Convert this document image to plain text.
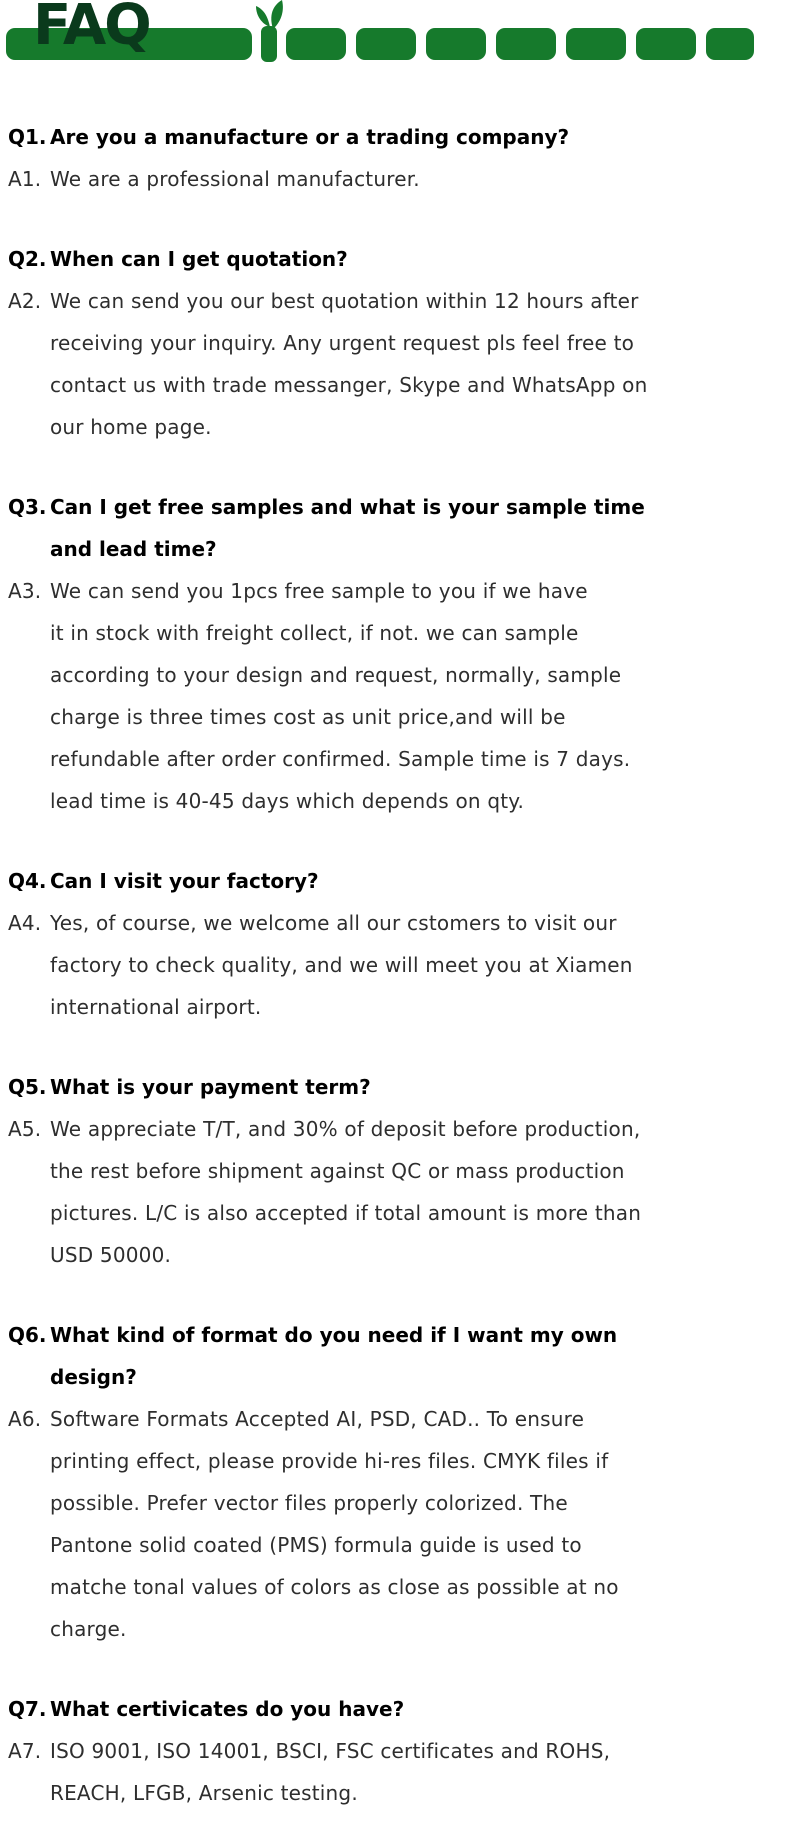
FAQ
Q1. Are you a manufacture or a trading company?
A1. We are a professional manufacturer.
Q2. When can I get quotation?
A2. We can send you our best quotation within 12 hours after
receiving your inquiry. Any urgent request pls feel free to
contact us with trade messanger, Skype and WhatsApp on
our home page.
Q3. Can I get free samples and what is your sample time
and lead time?
A3. We can send you 1pcs free sample to you if we have
it in stock with freight collect, if not. we can sample
according to your design and request, normally, sample
charge is three times cost as unit price,and will be
refundable after order confirmed. Sample time is 7 days.
lead time is 40-45 days which depends on qty.
Q4. Can I visit your factory?
A4. Yes, of course, we welcome all our cstomers to visit our
factory to check quality, and we will meet you at Xiamen
international airport.
Q5. What is your payment term?
A5. We appreciate T/T, and 30% of deposit before production,
the rest before shipment against QC or mass production
pictures. L/C is also accepted if total amount is more than
USD 50000.
Q6. What kind of format do you need if I want my own
design?
A6. Software Formats Accepted AI, PSD, CAD.. To ensure
printing effect, please provide hi-res files. CMYK files if
possible. Prefer vector files properly colorized. The
Pantone solid coated (PMS) formula guide is used to
matche tonal values of colors as close as possible at no
charge.
Q7. What certivicates do you have?
A7. ISO 9001, ISO 14001, BSCI, FSC certificates and ROHS,
REACH, LFGB, Arsenic testing.
